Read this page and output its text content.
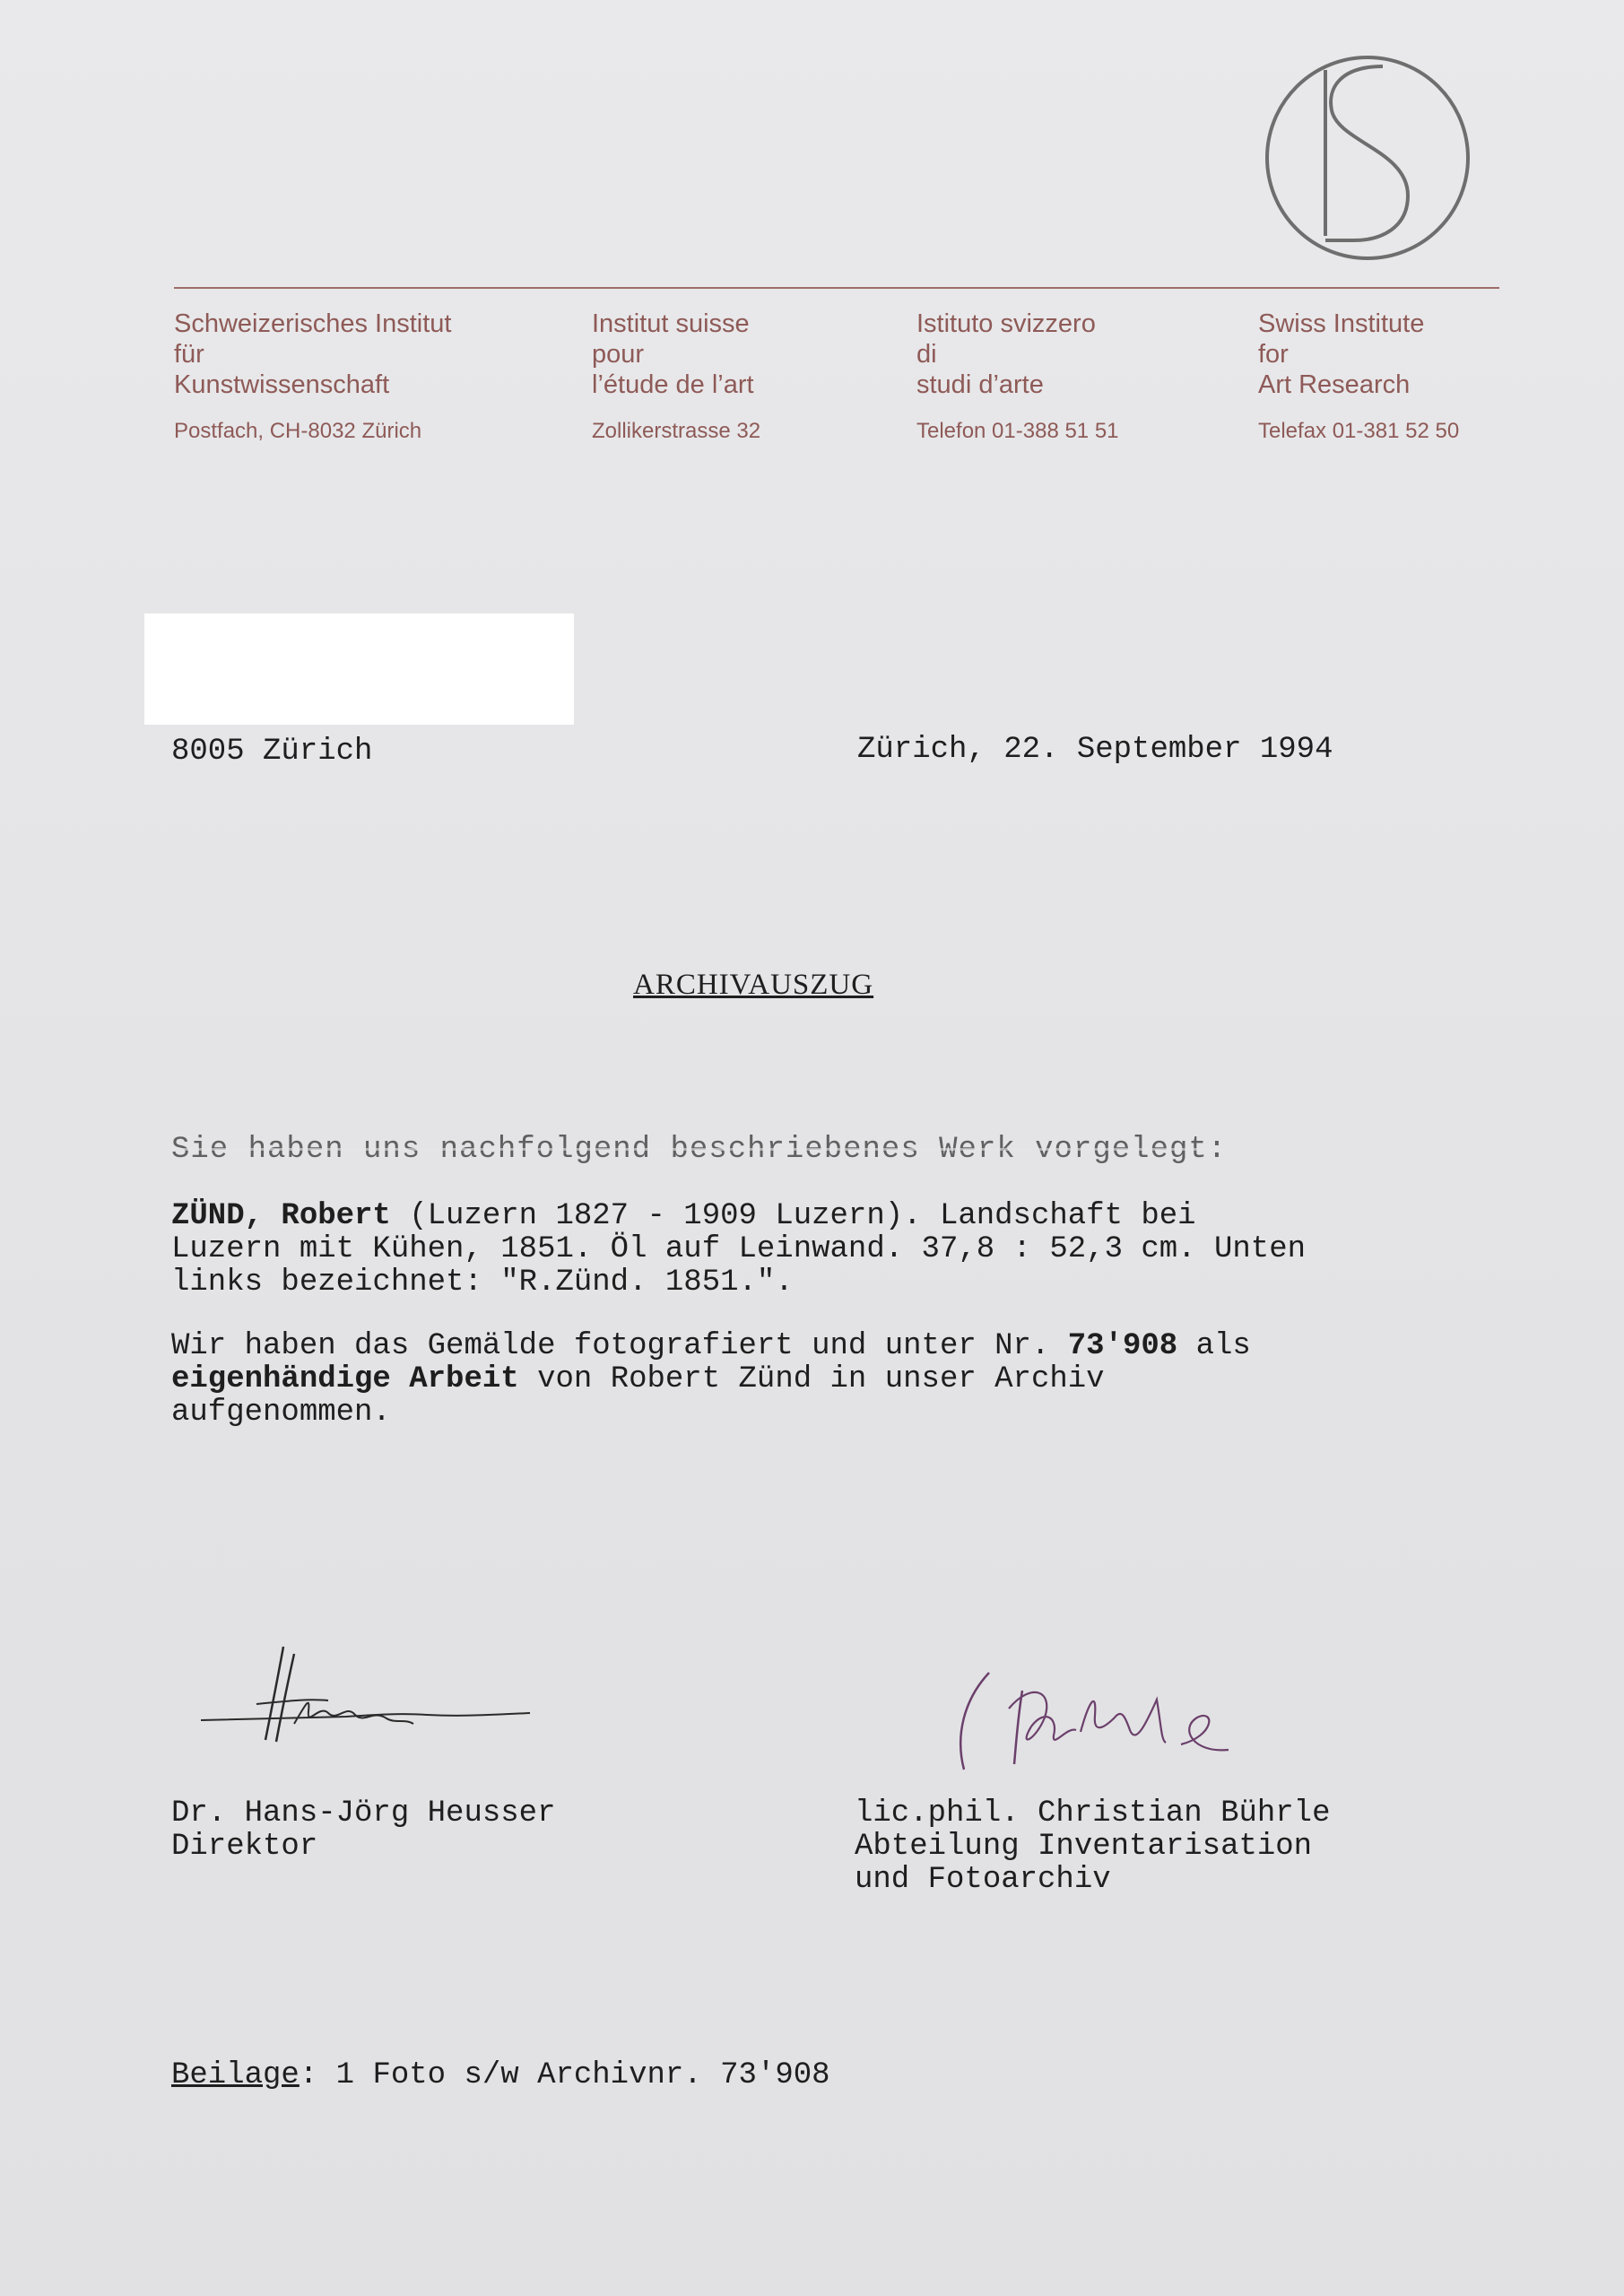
Schweizerisches Institut
für
Kunstwissenschaft
Postfach, CH-8032 Zürich
Institut suisse
pour
l’étude de l’art
Zollikerstrasse 32
Istituto svizzero
di
studi d’arte
Telefon 01-388 51 51
Swiss Institute
for
Art Research
Telefax 01-381 52 50
8005 Zürich	Zürich, 22. September 1994
ARCHIVAUSZUG
Sie haben uns nachfolgend beschriebenes Werk vorgelegt:
ZÜND, Robert (Luzern 1827 - 1909 Luzern). Landschaft bei
Luzern mit Kühen, 1851. Öl auf Leinwand. 37,8 : 52,3 cm. Unten
links bezeichnet: "R.Zünd. 1851.".
Wir haben das Gemälde fotografiert und unter Nr. 73'908 als
eigenhändige Arbeit von Robert Zünd in unser Archiv
aufgenommen.
Dr. Hans-Jörg Heusser
Direktor
lic.phil. Christian Bührle
Abteilung Inventarisation
und Fotoarchiv
Beilage: 1 Foto s/w Archivnr. 73'908
